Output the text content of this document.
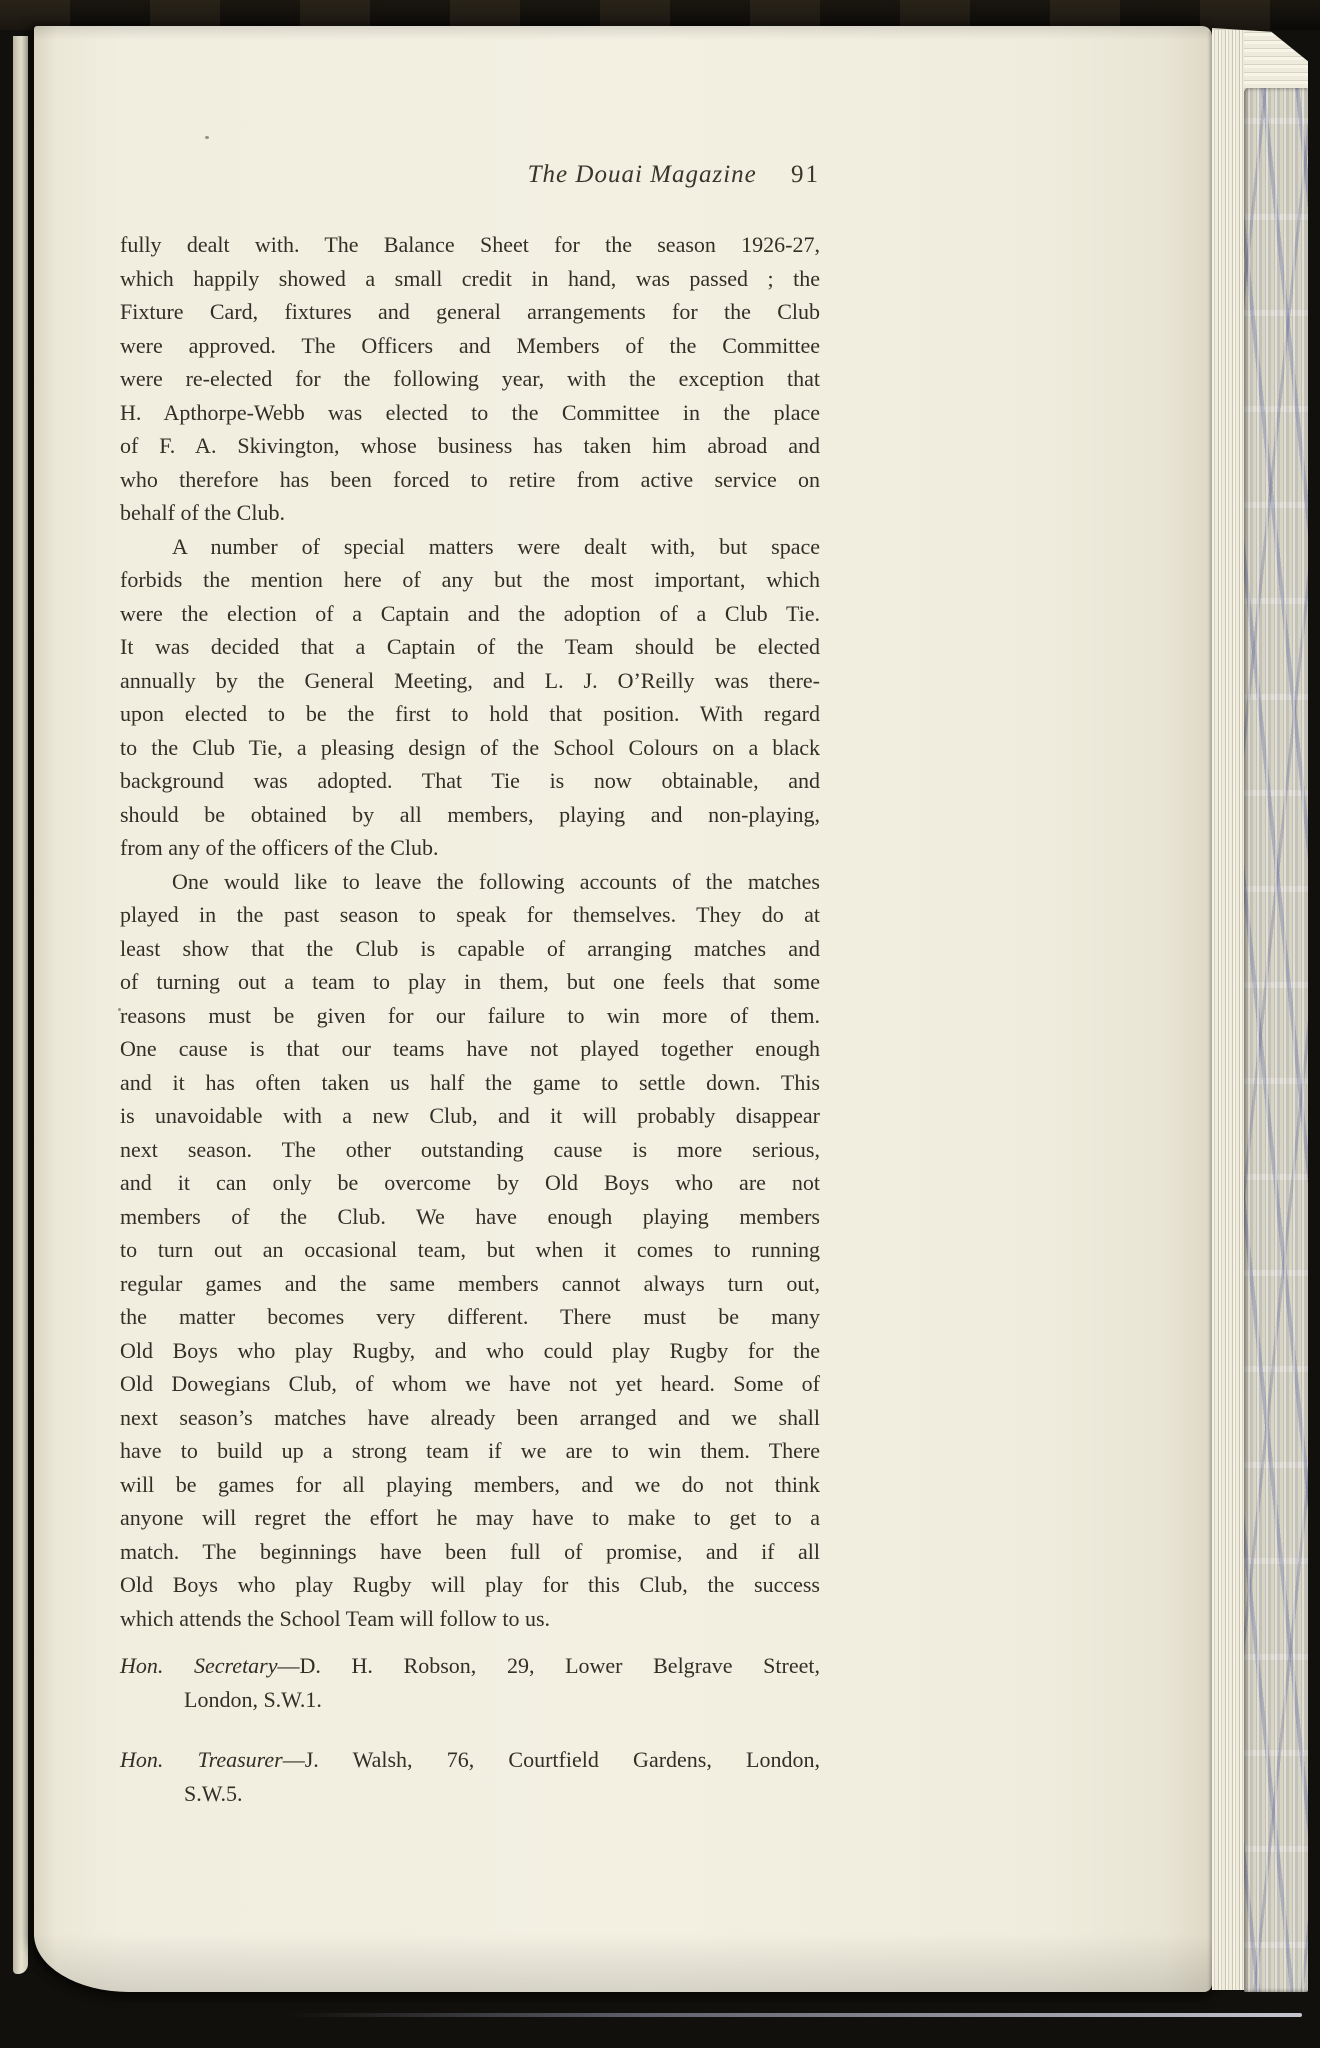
The Douai Magazine 91
fully dealt with. The Balance Sheet for the season 1926-27,
which happily showed a small credit in hand, was passed ; the
Fixture Card, fixtures and general arrangements for the Club
were approved. The Officers and Members of the Committee
were re-elected for the following year, with the exception that
H. Apthorpe-Webb was elected to the Committee in the place
of F. A. Skivington, whose business has taken him abroad and
who therefore has been forced to retire from active service on
behalf of the Club.
A number of special matters were dealt with, but space
forbids the mention here of any but the most important, which
were the election of a Captain and the adoption of a Club Tie.
It was decided that a Captain of the Team should be elected
annually by the General Meeting, and L. J. O’Reilly was there-
upon elected to be the first to hold that position. With regard
to the Club Tie, a pleasing design of the School Colours on a black
background was adopted. That Tie is now obtainable, and
should be obtained by all members, playing and non-playing,
from any of the officers of the Club.
One would like to leave the following accounts of the matches
played in the past season to speak for themselves. They do at
least show that the Club is capable of arranging matches and
of turning out a team to play in them, but one feels that some
reasons must be given for our failure to win more of them.
One cause is that our teams have not played together enough
and it has often taken us half the game to settle down. This
is unavoidable with a new Club, and it will probably disappear
next season. The other outstanding cause is more serious,
and it can only be overcome by Old Boys who are not
members of the Club. We have enough playing members
to turn out an occasional team, but when it comes to running
regular games and the same members cannot always turn out,
the matter becomes very different. There must be many
Old Boys who play Rugby, and who could play Rugby for the
Old Dowegians Club, of whom we have not yet heard. Some of
next season’s matches have already been arranged and we shall
have to build up a strong team if we are to win them. There
will be games for all playing members, and we do not think
anyone will regret the effort he may have to make to get to a
match. The beginnings have been full of promise, and if all
Old Boys who play Rugby will play for this Club, the success
which attends the School Team will follow to us.
Hon. Secretary—D. H. Robson, 29, Lower Belgrave Street,
London, S.W.1.
Hon. Treasurer—J. Walsh, 76, Courtfield Gardens, London,
S.W.5.
